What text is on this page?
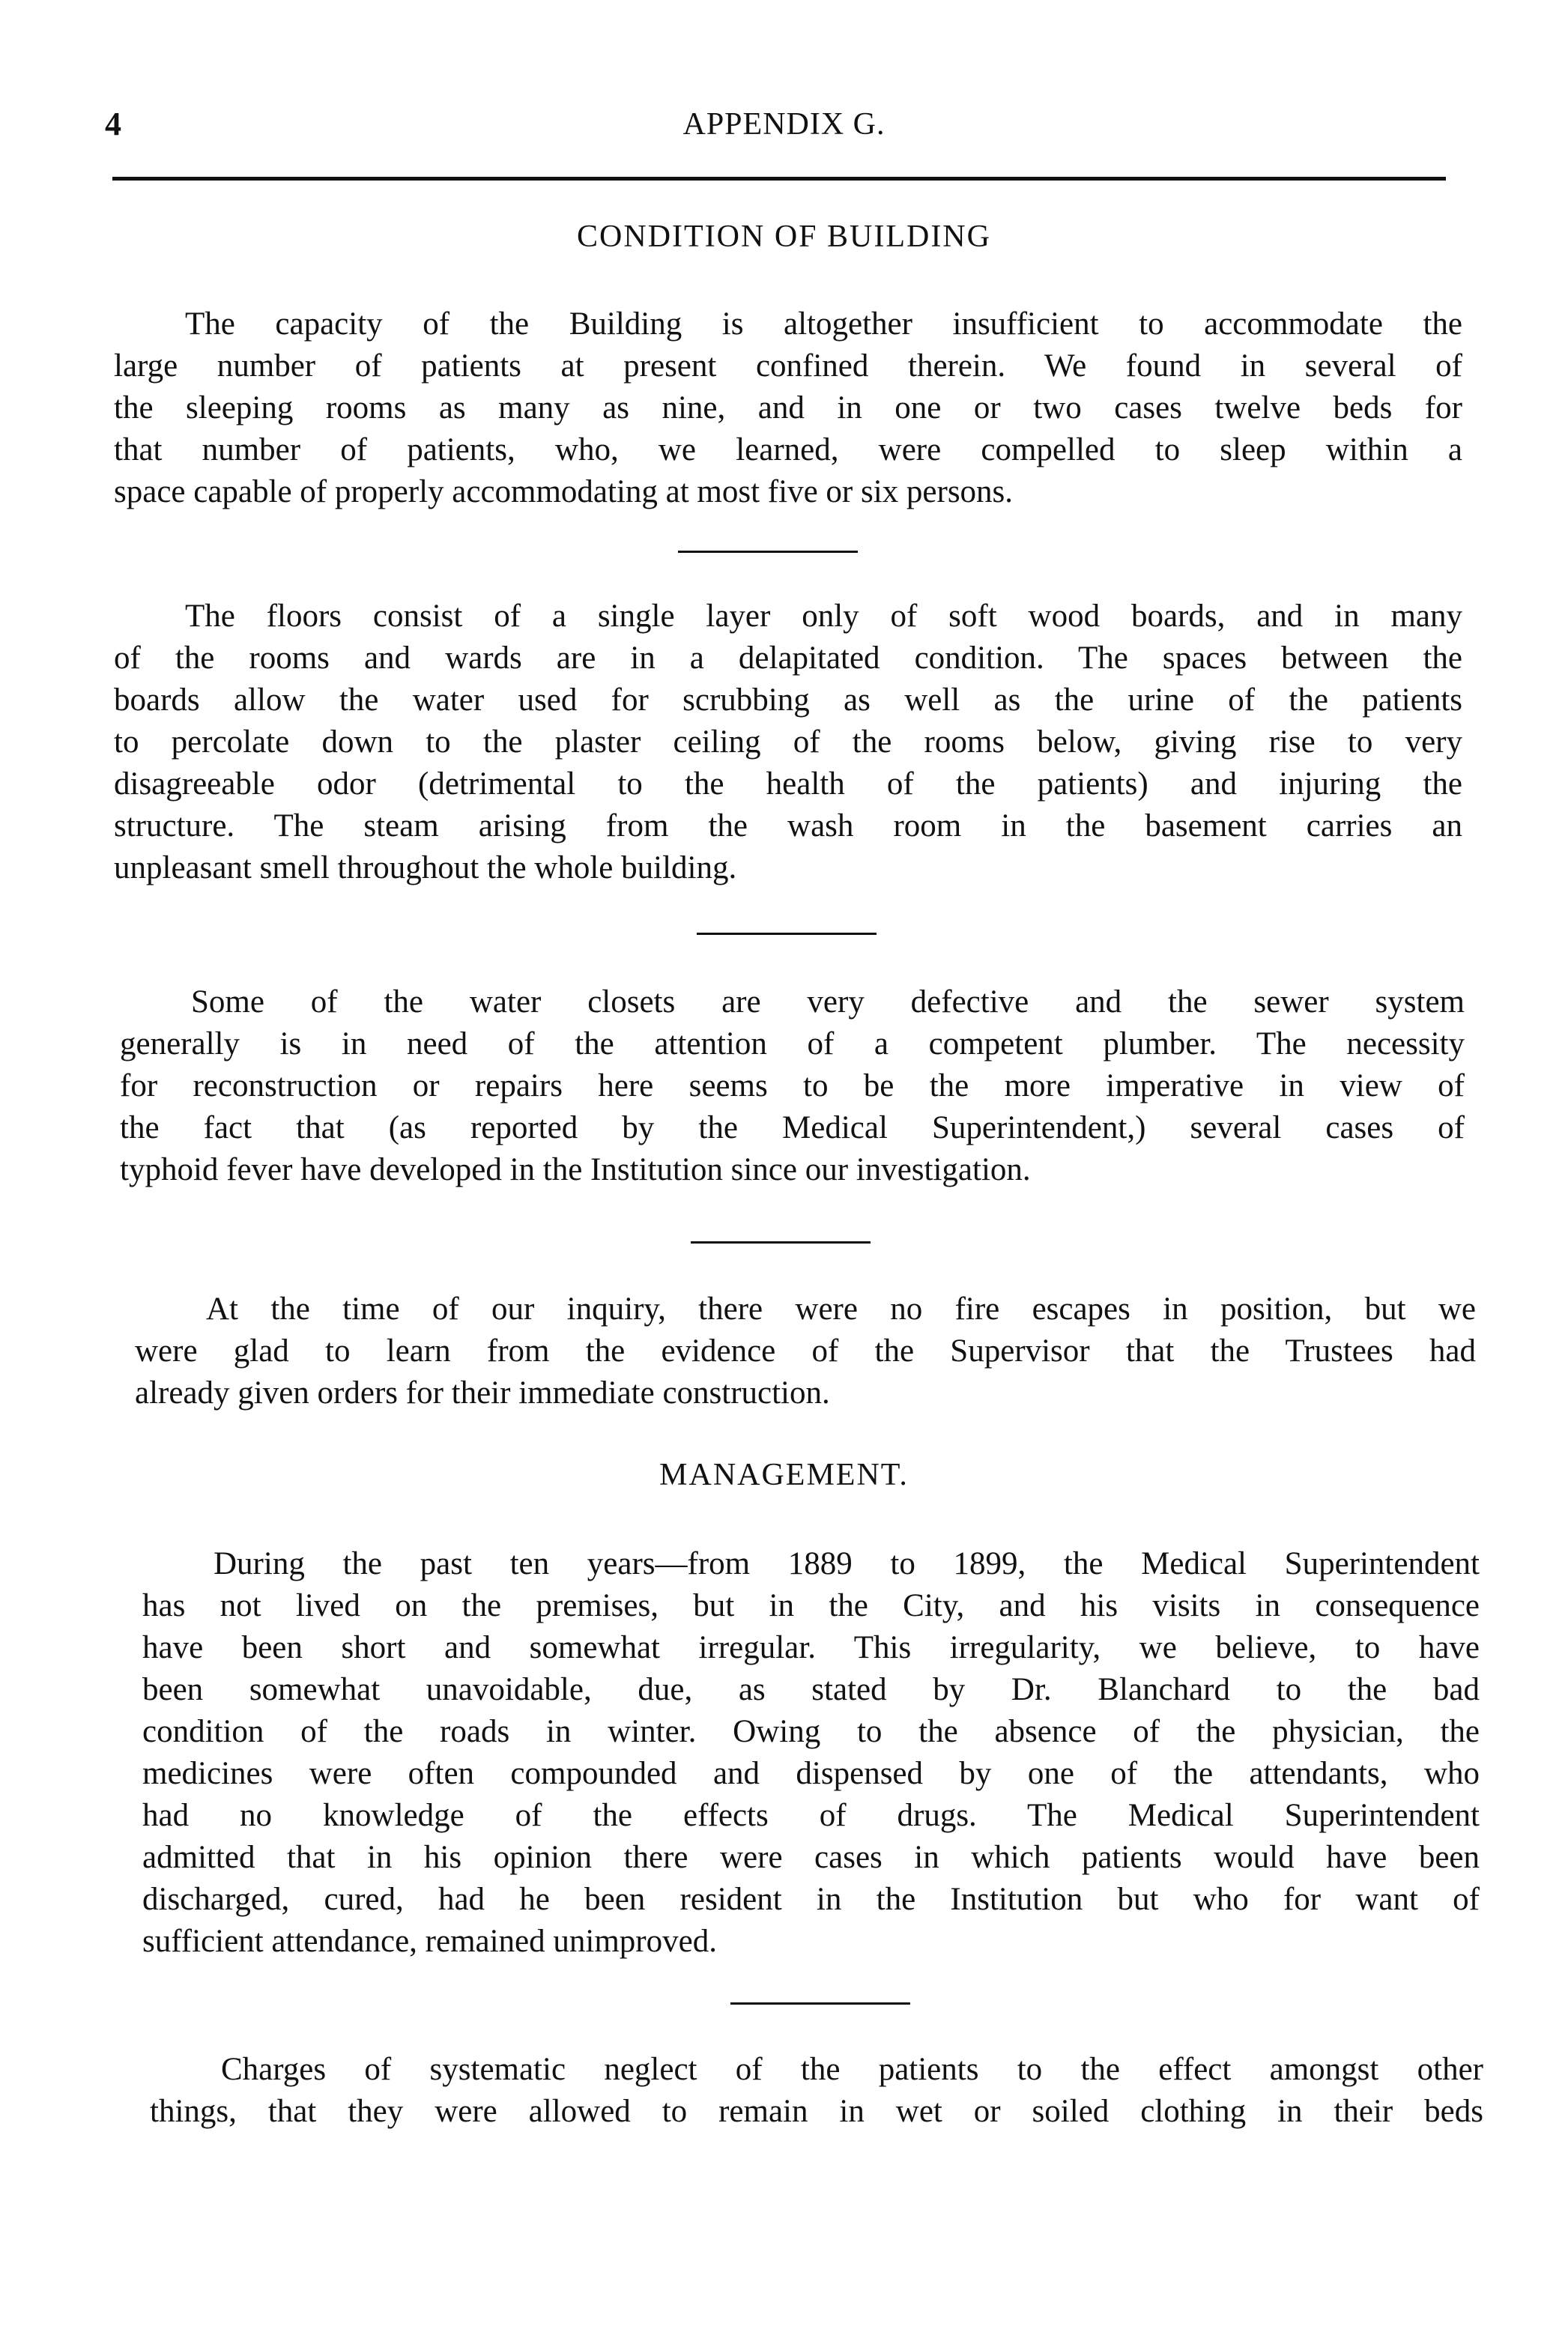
4	APPENDIX G.
CONDITION OF BUILDING
The capacity of the Building is altogether insufficient to accommodate the
large number of patients at present confined therein. We found in several of
the sleeping rooms as many as nine, and in one or two cases twelve beds for
that number of patients, who, we learned, were compelled to sleep within a
space capable of properly accommodating at most five or six persons.
The floors consist of a single layer only of soft wood boards, and in many
of the rooms and wards are in a delapitated condition. The spaces between the
boards allow the water used for scrubbing as well as the urine of the patients
to percolate down to the plaster ceiling of the rooms below, giving rise to very
disagreeable odor (detrimental to the health of the patients) and injuring the
structure. The steam arising from the wash room in the basement carries an
unpleasant smell throughout the whole building.
Some of the water closets are very defective and the sewer system
generally is in need of the attention of a competent plumber. The necessity
for reconstruction or repairs here seems to be the more imperative in view of
the fact that (as reported by the Medical Superintendent,) several cases of
typhoid fever have developed in the Institution since our investigation.
At the time of our inquiry, there were no fire escapes in position, but we
were glad to learn from the evidence of the Supervisor that the Trustees had
already given orders for their immediate construction.
MANAGEMENT.
During the past ten years—from 1889 to 1899, the Medical Superintendent
has not lived on the premises, but in the City, and his visits in consequence
have been short and somewhat irregular. This irregularity, we believe, to have
been somewhat unavoidable, due, as stated by Dr. Blanchard to the bad
condition of the roads in winter. Owing to the absence of the physician, the
medicines were often compounded and dispensed by one of the attendants, who
had no knowledge of the effects of drugs. The Medical Superintendent
admitted that in his opinion there were cases in which patients would have been
discharged, cured, had he been resident in the Institution but who for want of
sufficient attendance, remained unimproved.
Charges of systematic neglect of the patients to the effect amongst other
things, that they were allowed to remain in wet or soiled clothing in their beds
